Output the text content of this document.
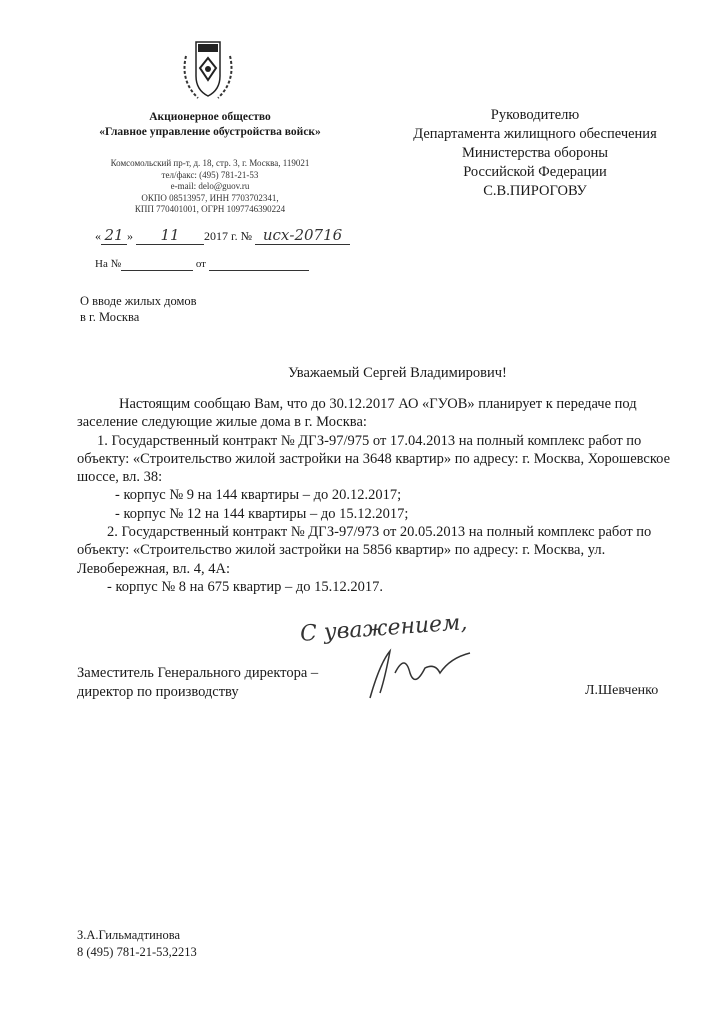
Акционерное общество
«Главное управление обустройства войск»
Комсомольский пр-т, д. 18, стр. 3, г. Москва, 119021
тел/факс: (495) 781-21-53
e-mail: delo@guov.ru
ОКПО 08513957, ИНН 7703702341,
КПП 770401001, ОГРН 1097746390224
« 21 » 11 2017 г. № исх-20716
На №	от
Руководителю
Департамента жилищного обеспечения
Министерства обороны
Российской Федерации
С.В.ПИРОГОВУ
О вводе жилых домов
в г. Москва
Уважаемый Сергей Владимирович!

Настоящим сообщаю Вам, что до 30.12.2017 АО «ГУОВ» планирует к передаче под заселение следующие жилые дома в г. Москва:

1. Государственный контракт № ДГЗ-97/975 от 17.04.2013 на полный комплекс работ по объекту: «Строительство жилой застройки на 3648 квартир» по адресу: г. Москва, Хорошевское шоссе, вл. 38:

- корпус № 9 на 144 квартиры – до 20.12.2017;

- корпус № 12 на 144 квартиры – до 15.12.2017;

2. Государственный контракт № ДГЗ-97/973 от 20.05.2013 на полный комплекс работ по объекту: «Строительство жилой застройки на 5856 квартир» по адресу: г. Москва, ул. Левобережная, вл. 4, 4А:

- корпус № 8 на 675 квартир – до 15.12.2017.

С уважением,
Заместитель Генерального директора –
директор по производству	Л.Шевченко
З.А.Гильмадтинова
8 (495) 781-21-53,2213
